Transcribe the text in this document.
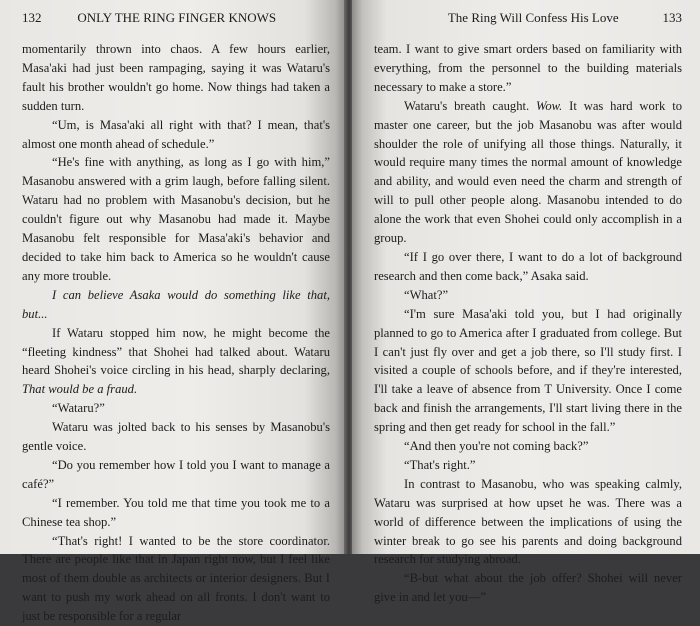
132	ONLY THE RING FINGER KNOWS

momentarily thrown into chaos. A few hours earlier, Masa'aki had just been rampaging, saying it was Wataru's fault his brother wouldn't go home. Now things had taken a sudden turn.

“Um, is Masa'aki all right with that? I mean, that's almost one month ahead of schedule.”

“He's fine with anything, as long as I go with him,” Masanobu answered with a grim laugh, before falling silent. Wataru had no problem with Masanobu's decision, but he couldn't figure out why Masanobu had made it. Maybe Masanobu felt responsible for Masa'aki's behavior and decided to take him back to America so he wouldn't cause any more trouble.

I can believe Asaka would do something like that, but...

If Wataru stopped him now, he might become the “fleeting kindness” that Shohei had talked about. Wataru heard Shohei's voice circling in his head, sharply declaring, That would be a fraud.

“Wataru?”

Wataru was jolted back to his senses by Masanobu's gentle voice.

“Do you remember how I told you I want to manage a café?”

“I remember. You told me that time you took me to a Chinese tea shop.”

“That's right! I wanted to be the store coordinator. There are people like that in Japan right now, but I feel like most of them double as architects or interior designers. But I want to push my work ahead on all fronts. I don't want to just be responsible for a regular

The Ring Will Confess His Love	133

team. I want to give smart orders based on familiarity with everything, from the personnel to the building materials necessary to make a store.”

Wataru's breath caught. Wow. It was hard work to master one career, but the job Masanobu was after would shoulder the role of unifying all those things. Naturally, it would require many times the normal amount of knowledge and ability, and would even need the charm and strength of will to pull other people along. Masanobu intended to do alone the work that even Shohei could only accomplish in a group.

“If I go over there, I want to do a lot of background research and then come back,” Asaka said.

“What?”

“I'm sure Masa'aki told you, but I had originally planned to go to America after I graduated from college. But I can't just fly over and get a job there, so I'll study first. I visited a couple of schools before, and if they're interested, I'll take a leave of absence from T University. Once I come back and finish the arrangements, I'll start living there in the spring and then get ready for school in the fall.”

“And then you're not coming back?”

“That's right.”

In contrast to Masanobu, who was speaking calmly, Wataru was surprised at how upset he was. There was a world of difference between the implications of using the winter break to go see his parents and doing background research for studying abroad.

“B-but what about the job offer? Shohei will never give in and let you—”
